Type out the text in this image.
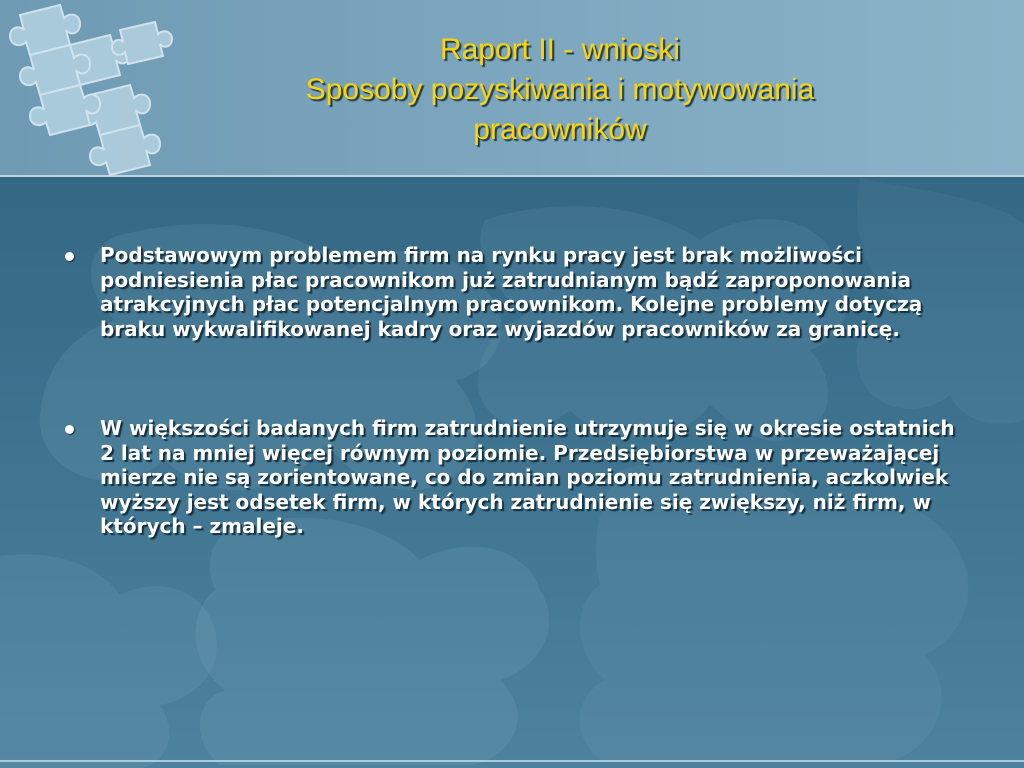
Raport II - wnioski
Sposoby pozyskiwania i motywowania
pracowników
Podstawowym problemem firm na rynku pracy jest brak możliwości podniesienia płac pracownikom już zatrudnianym bądź zaproponowania atrakcyjnych płac potencjalnym pracownikom. Kolejne problemy dotyczą braku wykwalifikowanej kadry oraz wyjazdów pracowników za granicę.
W większości badanych firm zatrudnienie utrzymuje się w okresie ostatnich 2 lat na mniej więcej równym poziomie. Przedsiębiorstwa w przeważającej mierze nie są zorientowane, co do zmian poziomu zatrudnienia, aczkolwiek wyższy jest odsetek firm, w których zatrudnienie się zwiększy, niż firm, w których – zmaleje.
